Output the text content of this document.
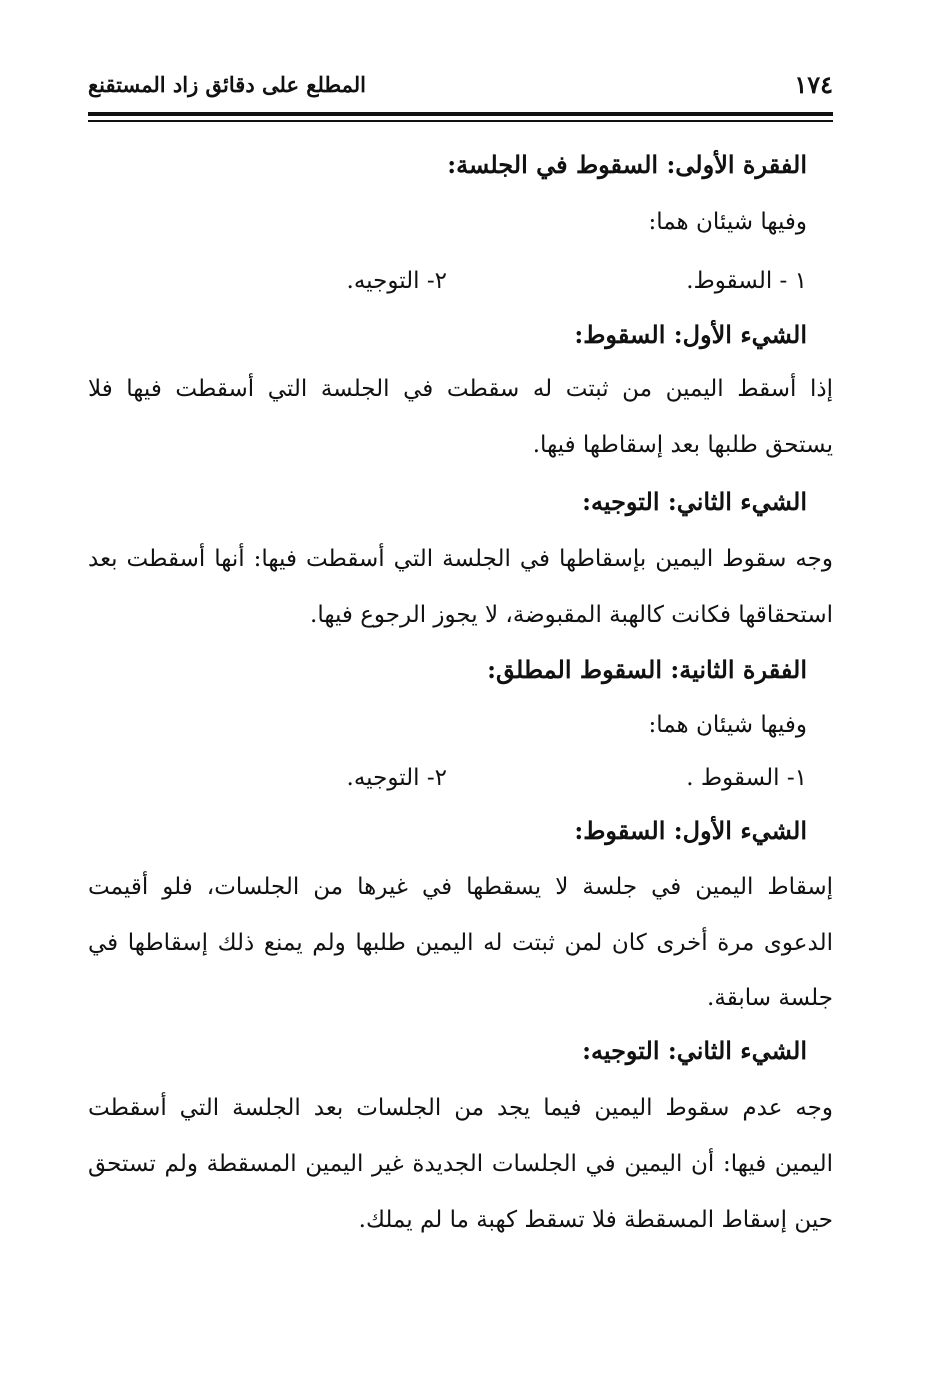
١٧٤
المطلع على دقائق زاد المستقنع
الفقرة الأولى: السقوط في الجلسة:
وفيها شيئان هما:
١ - السقوط.
٢- التوجيه.
الشيء الأول: السقوط:
إذا أسقط اليمين من ثبتت له سقطت في الجلسة التي أسقطت فيها فلا
يستحق طلبها بعد إسقاطها فيها.
الشيء الثاني: التوجيه:
وجه سقوط اليمين بإسقاطها في الجلسة التي أسقطت فيها: أنها أسقطت بعد
استحقاقها فكانت كالهبة المقبوضة، لا يجوز الرجوع فيها.
الفقرة الثانية: السقوط المطلق:
وفيها شيئان هما:
١- السقوط .
٢- التوجيه.
الشيء الأول: السقوط:
إسقاط اليمين في جلسة لا يسقطها في غيرها من الجلسات، فلو أقيمت
الدعوى مرة أخرى كان لمن ثبتت له اليمين طلبها ولم يمنع ذلك إسقاطها في
جلسة سابقة.
الشيء الثاني: التوجيه:
وجه عدم سقوط اليمين فيما يجد من الجلسات بعد الجلسة التي أسقطت
اليمين فيها: أن اليمين في الجلسات الجديدة غير اليمين المسقطة ولم تستحق
حين إسقاط المسقطة فلا تسقط كهبة ما لم يملك.
